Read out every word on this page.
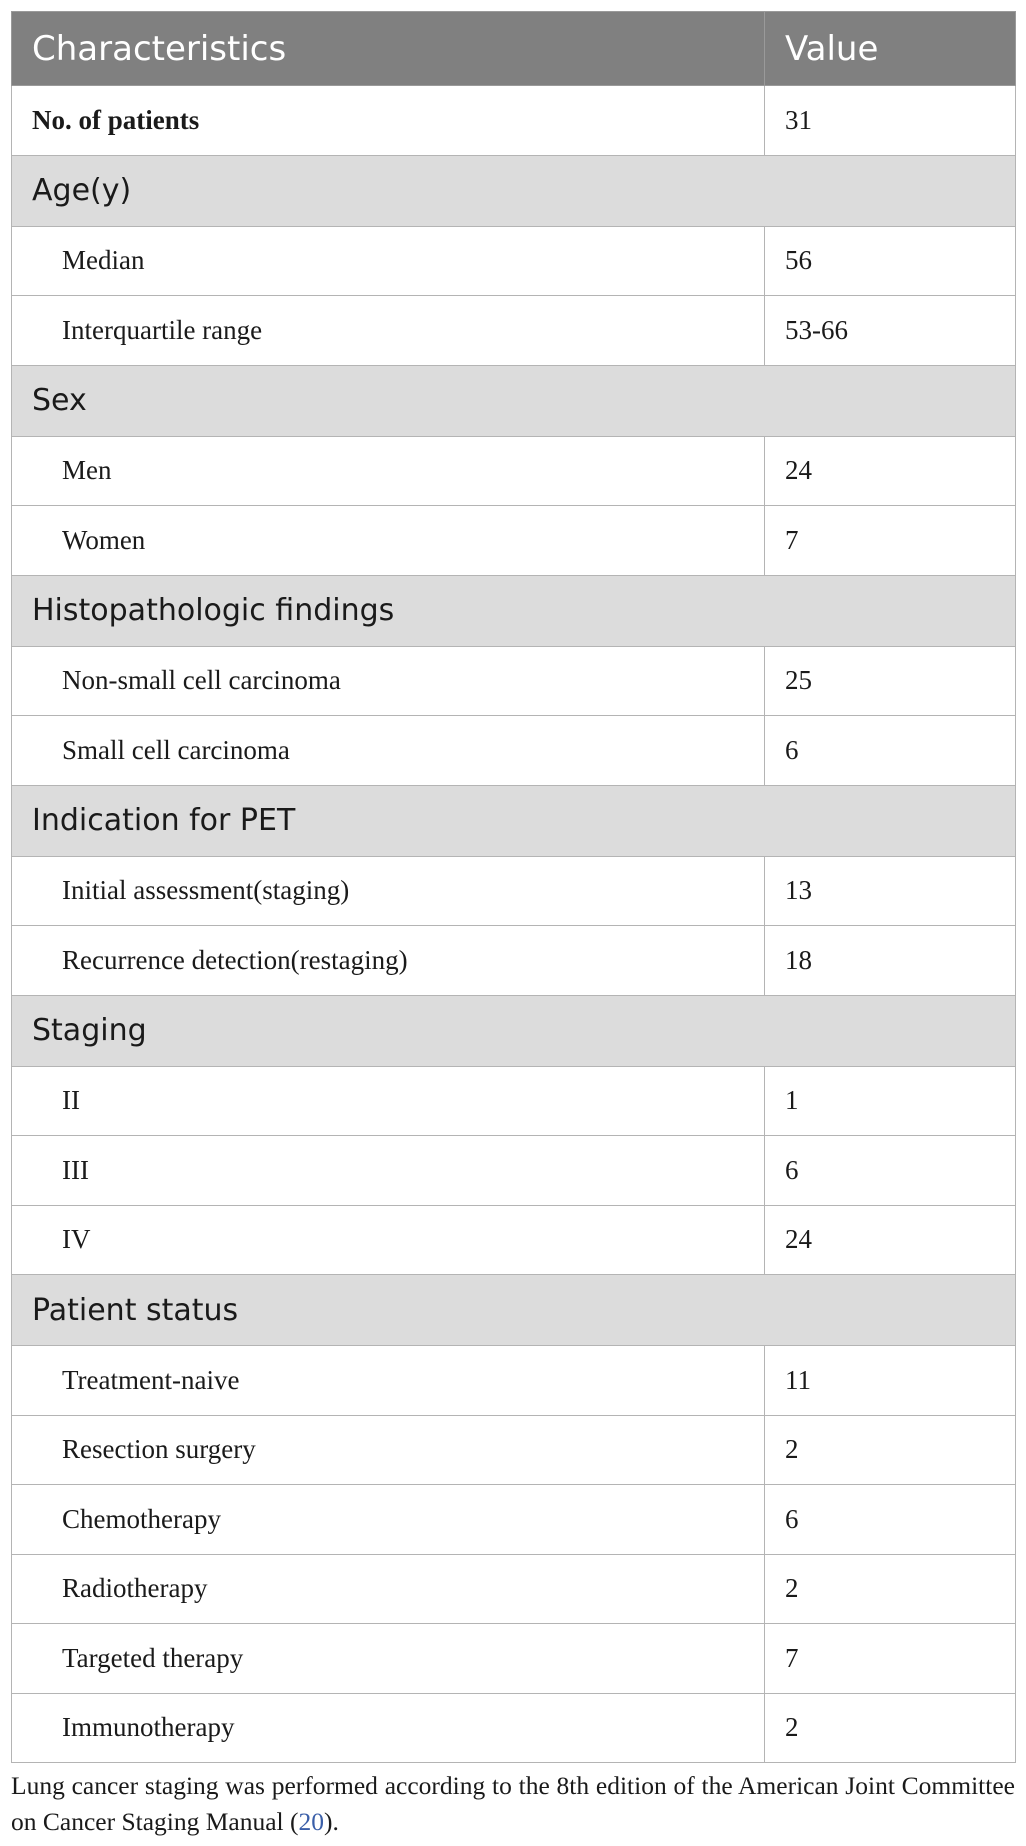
Characteristics	Value
No. of patients	31
Age(y)	
Median	56
Interquartile range	53-66
Sex	
Men	24
Women	7
Histopathologic findings	
Non-small cell carcinoma	25
Small cell carcinoma	6
Indication for PET	
Initial assessment(staging)	13
Recurrence detection(restaging)	18
Staging	
II	1
III	6
IV	24
Patient status	
Treatment-naive	11
Resection surgery	2
Chemotherapy	6
Radiotherapy	2
Targeted therapy	7
Immunotherapy	2

Lung cancer staging was performed according to the 8th edition of the American Joint Committee on Cancer Staging Manual (20).
